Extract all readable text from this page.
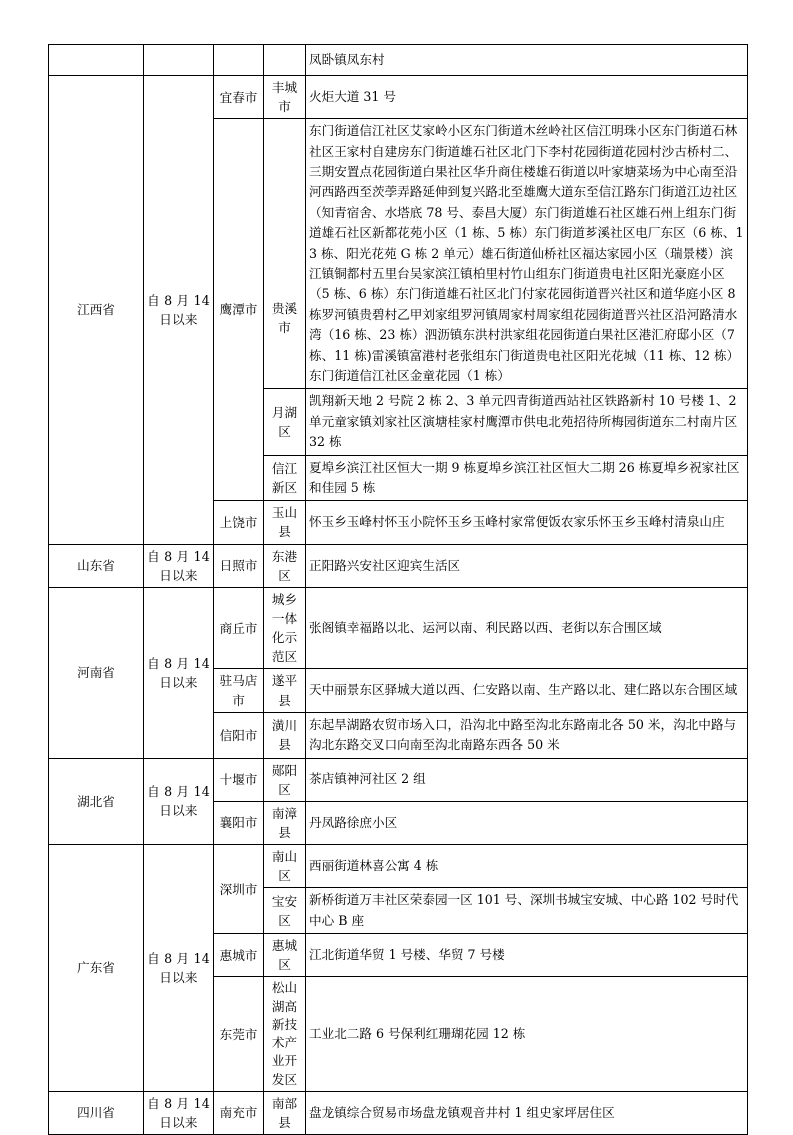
				凤卧镇凤东村
江西省	自 8 月 14 日以来	宜春市	丰城市	火炬大道 31 号
		鹰潭市	贵溪市	东门街道信江社区艾家岭小区东门街道木丝岭社区信江明珠小区东门街道石林社区王家村自建房东门街道雄石社区北门下李村花园街道花园村沙古桥村二、三期安置点花园街道白果社区华升商住楼雄石街道以叶家塘菜场为中心南至沿河西路西至茨荸弄路延伸到复兴路北至雄鹰大道东至信江路东门街道江边社区（知青宿舍、水塔底 78 号、泰昌大厦）东门街道雄石社区雄石州上组东门街道雄石社区新都花苑小区（1 栋、5 栋）东门街道芗溪社区电厂东区（6 栋、13 栋、阳光花苑 G 栋 2 单元）雄石街道仙桥社区福达家园小区（瑞景楼）滨江镇铜都村五里台吴家滨江镇柏里村竹山组东门街道贵电社区阳光豪庭小区（5 栋、6 栋）东门街道雄石社区北门付家花园街道晋兴社区和道华庭小区 8 栋罗河镇贵碧村乙甲刘家组罗河镇周家村周家组花园街道晋兴社区沿河路清水湾（16 栋、23 栋）泗沥镇东洪村洪家组花园街道白果社区港汇府邸小区（7 栋、11 栋)雷溪镇富港村老张组东门街道贵电社区阳光花城（11 栋、12 栋）东门街道信江社区金童花园（1 栋）
			月湖区	凯翔新天地 2 号院 2 栋 2、3 单元四青街道西站社区铁路新村 10 号楼 1、2 单元童家镇刘家社区演塘桂家村鹰潭市供电北苑招待所梅园街道东二村南片区 32 栋
			信江新区	夏埠乡滨江社区恒大一期 9 栋夏埠乡滨江社区恒大二期 26 栋夏埠乡祝家社区和佳园 5 栋
		上饶市	玉山县	怀玉乡玉峰村怀玉小院怀玉乡玉峰村家常便饭农家乐怀玉乡玉峰村清泉山庄
山东省	自 8 月 14 日以来	日照市	东港区	正阳路兴安社区迎宾生活区
河南省	自 8 月 14 日以来	商丘市	城乡一体化示范区	张阁镇幸福路以北、运河以南、利民路以西、老街以东合围区域
		驻马店市	遂平县	天中丽景东区驿城大道以西、仁安路以南、生产路以北、建仁路以东合围区域
		信阳市	潢川县	东起旱湖路农贸市场入口，沿沟北中路至沟北东路南北各 50 米，沟北中路与沟北东路交叉口向南至沟北南路东西各 50 米
湖北省	自 8 月 14 日以来	十堰市	郧阳区	茶店镇神河社区 2 组
		襄阳市	南漳县	丹凤路徐庶小区
广东省	自 8 月 14 日以来	深圳市	南山区	西丽街道林喜公寓 4 栋
			宝安区	新桥街道万丰社区荣泰园一区 101 号、深圳书城宝安城、中心路 102 号时代中心 B 座
		惠城市	惠城区	江北街道华贸 1 号楼、华贸 7 号楼
		东莞市	松山湖高新技术产业开发区	工业北二路 6 号保利红珊瑚花园 12 栋
四川省	自 8 月 14 日以来	南充市	南部县	盘龙镇综合贸易市场盘龙镇观音井村 1 组史家坪居住区
